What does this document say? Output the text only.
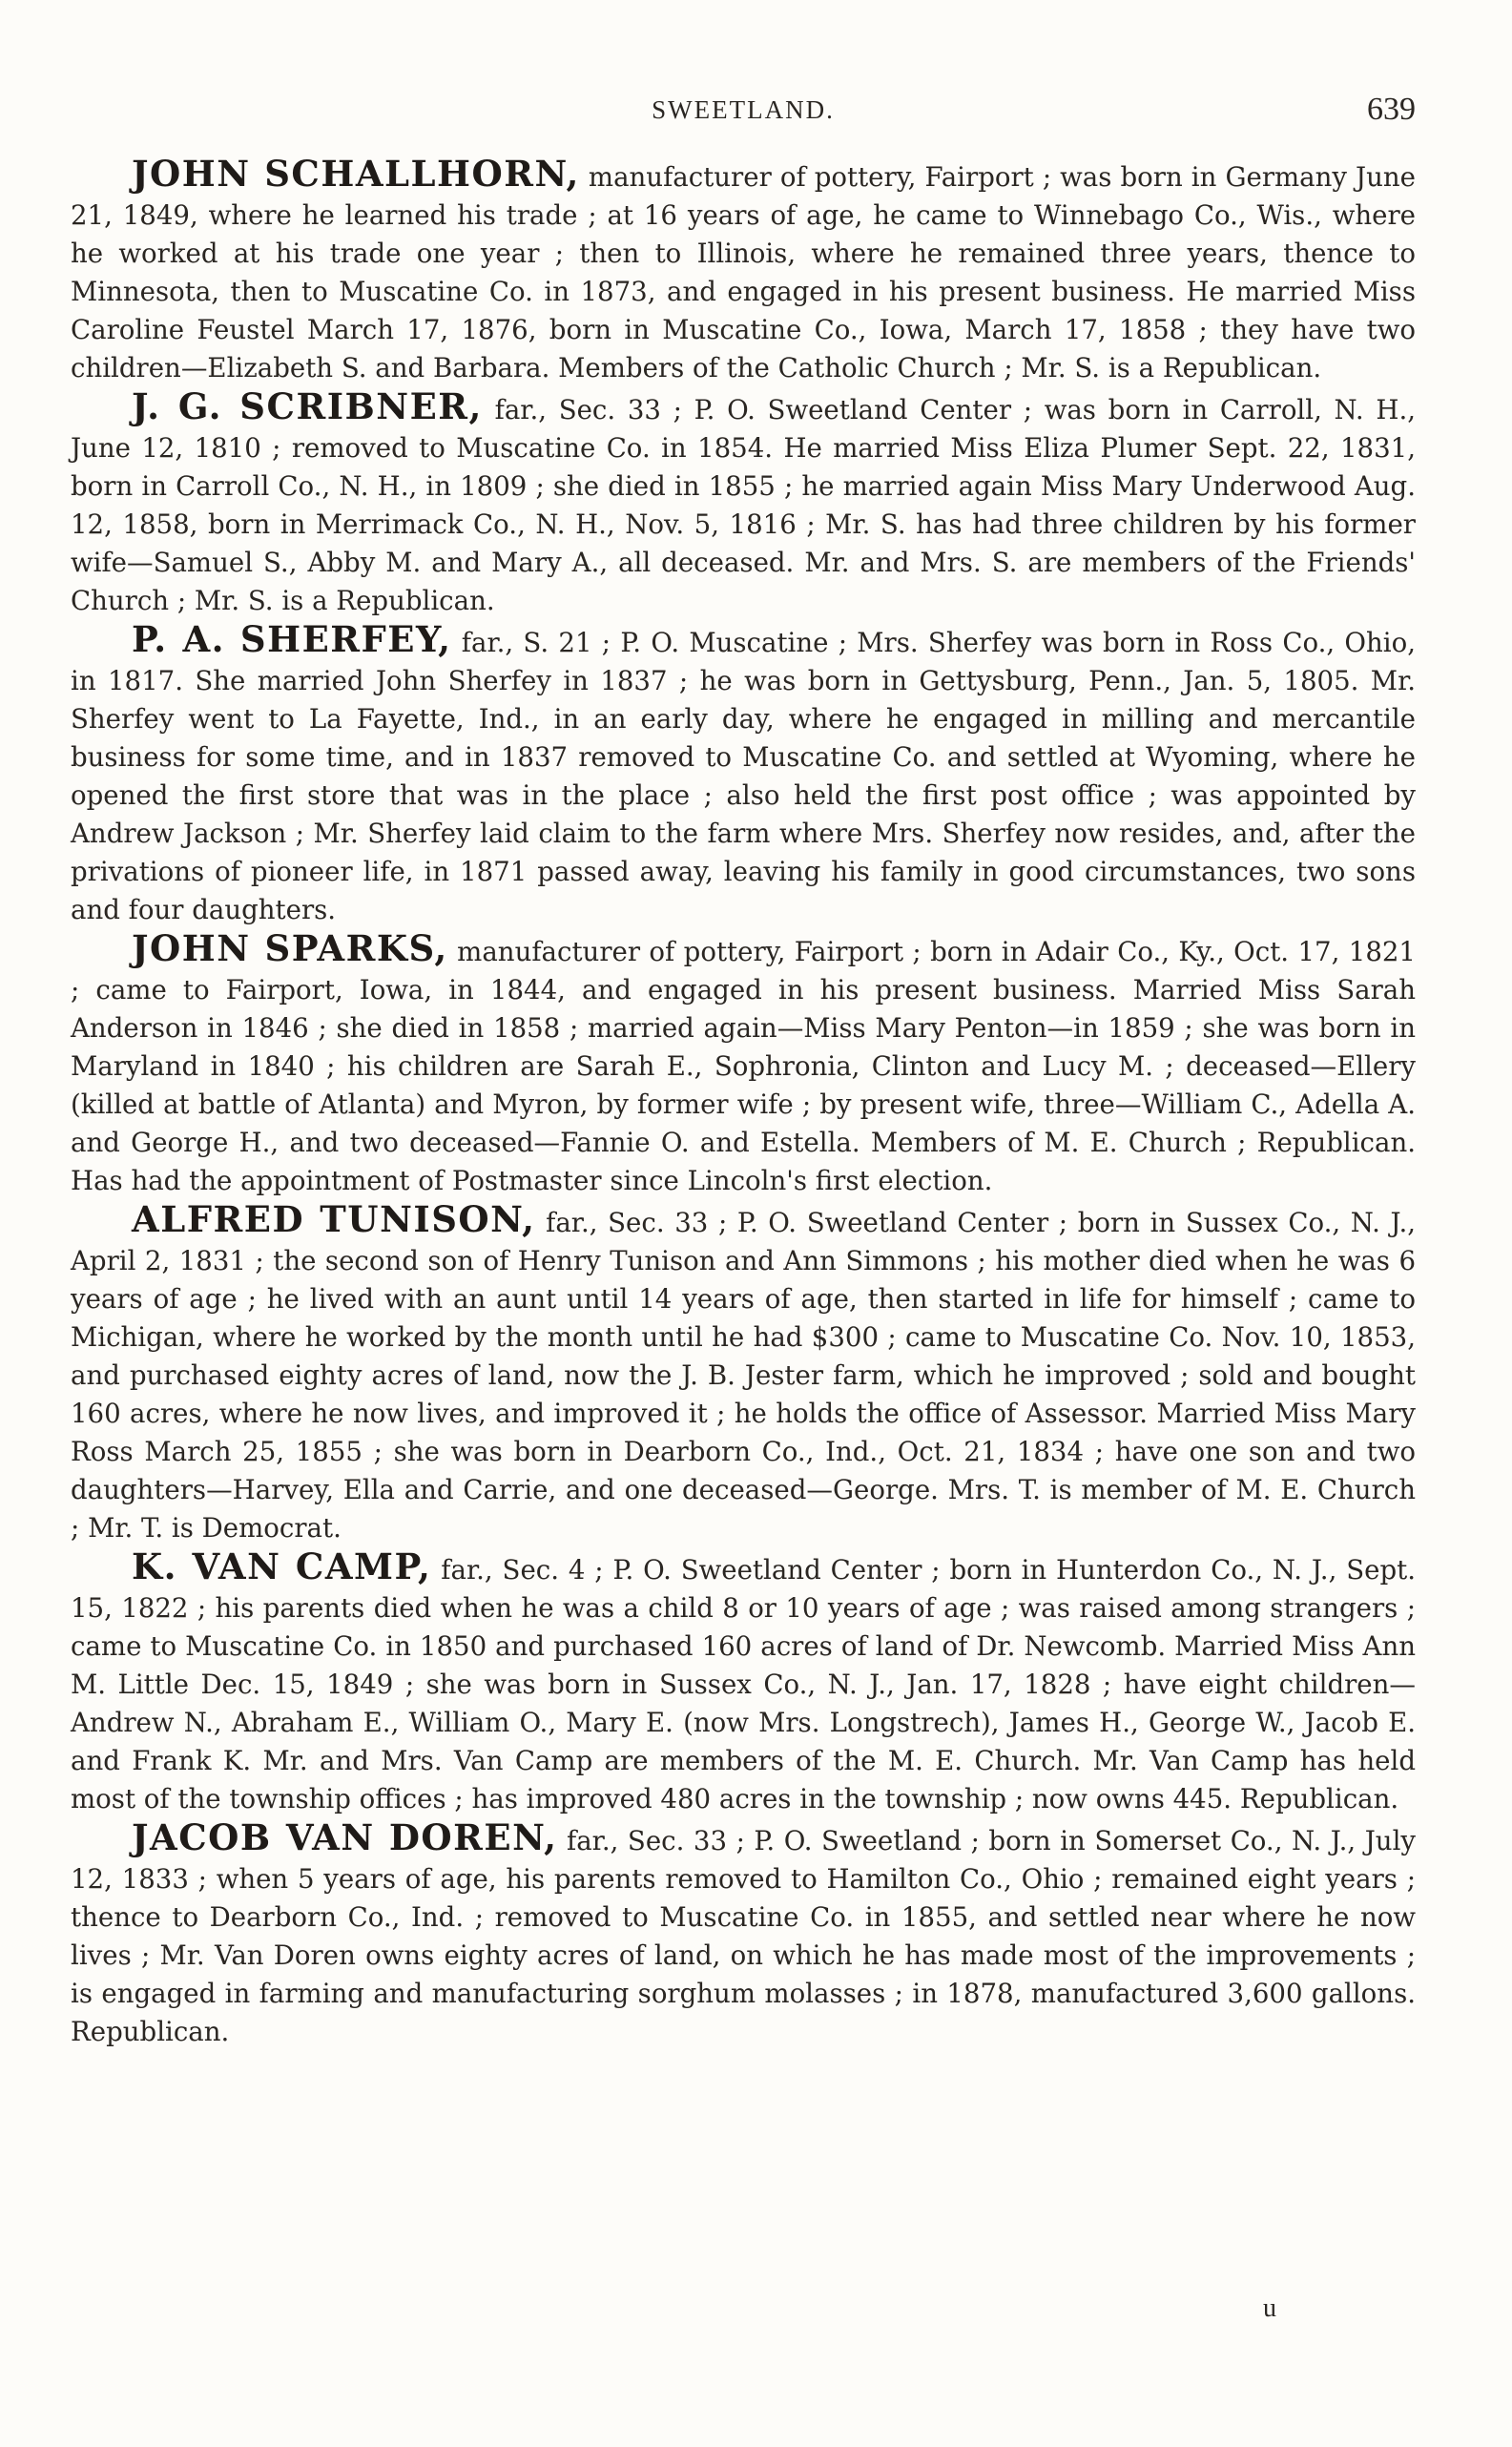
SWEETLAND.	639

JOHN SCHALLHORN, manufacturer of pottery, Fairport ; was born in Germany June 21, 1849, where he learned his trade ; at 16 years of age, he came to Winnebago Co., Wis., where he worked at his trade one year ; then to Illinois, where he remained three years, thence to Minnesota, then to Muscatine Co. in 1873, and engaged in his present business. He married Miss Caroline Feustel March 17, 1876, born in Muscatine Co., Iowa, March 17, 1858 ; they have two children—Elizabeth S. and Barbara. Members of the Catholic Church ; Mr. S. is a Republican.

J. G. SCRIBNER, far., Sec. 33 ; P. O. Sweetland Center ; was born in Carroll, N. H., June 12, 1810 ; removed to Muscatine Co. in 1854. He married Miss Eliza Plumer Sept. 22, 1831, born in Carroll Co., N. H., in 1809 ; she died in 1855 ; he married again Miss Mary Underwood Aug. 12, 1858, born in Merrimack Co., N. H., Nov. 5, 1816 ; Mr. S. has had three children by his former wife—Samuel S., Abby M. and Mary A., all deceased. Mr. and Mrs. S. are members of the Friends' Church ; Mr. S. is a Republican.

P. A. SHERFEY, far., S. 21 ; P. O. Muscatine ; Mrs. Sherfey was born in Ross Co., Ohio, in 1817. She married John Sherfey in 1837 ; he was born in Gettysburg, Penn., Jan. 5, 1805. Mr. Sherfey went to La Fayette, Ind., in an early day, where he engaged in milling and mercantile business for some time, and in 1837 removed to Muscatine Co. and settled at Wyoming, where he opened the first store that was in the place ; also held the first post office ; was appointed by Andrew Jackson ; Mr. Sherfey laid claim to the farm where Mrs. Sherfey now resides, and, after the privations of pioneer life, in 1871 passed away, leaving his family in good circumstances, two sons and four daughters.

JOHN SPARKS, manufacturer of pottery, Fairport ; born in Adair Co., Ky., Oct. 17, 1821 ; came to Fairport, Iowa, in 1844, and engaged in his present business. Married Miss Sarah Anderson in 1846 ; she died in 1858 ; married again—Miss Mary Penton—in 1859 ; she was born in Maryland in 1840 ; his children are Sarah E., Sophronia, Clinton and Lucy M. ; deceased—Ellery (killed at battle of Atlanta) and Myron, by former wife ; by present wife, three—William C., Adella A. and George H., and two deceased—Fannie O. and Estella. Members of M. E. Church ; Republican. Has had the appointment of Postmaster since Lincoln's first election.

ALFRED TUNISON, far., Sec. 33 ; P. O. Sweetland Center ; born in Sussex Co., N. J., April 2, 1831 ; the second son of Henry Tunison and Ann Simmons ; his mother died when he was 6 years of age ; he lived with an aunt until 14 years of age, then started in life for himself ; came to Michigan, where he worked by the month until he had $300 ; came to Muscatine Co. Nov. 10, 1853, and purchased eighty acres of land, now the J. B. Jester farm, which he improved ; sold and bought 160 acres, where he now lives, and improved it ; he holds the office of Assessor. Married Miss Mary Ross March 25, 1855 ; she was born in Dearborn Co., Ind., Oct. 21, 1834 ; have one son and two daughters—Harvey, Ella and Carrie, and one deceased—George. Mrs. T. is member of M. E. Church ; Mr. T. is Democrat.

K. VAN CAMP, far., Sec. 4 ; P. O. Sweetland Center ; born in Hunterdon Co., N. J., Sept. 15, 1822 ; his parents died when he was a child 8 or 10 years of age ; was raised among strangers ; came to Muscatine Co. in 1850 and purchased 160 acres of land of Dr. Newcomb. Married Miss Ann M. Little Dec. 15, 1849 ; she was born in Sussex Co., N. J., Jan. 17, 1828 ; have eight children—Andrew N., Abraham E., William O., Mary E. (now Mrs. Longstrech), James H., George W., Jacob E. and Frank K. Mr. and Mrs. Van Camp are members of the M. E. Church. Mr. Van Camp has held most of the township offices ; has improved 480 acres in the township ; now owns 445. Republican.

JACOB VAN DOREN, far., Sec. 33 ; P. O. Sweetland ; born in Somerset Co., N. J., July 12, 1833 ; when 5 years of age, his parents removed to Hamilton Co., Ohio ; remained eight years ; thence to Dearborn Co., Ind. ; removed to Muscatine Co. in 1855, and settled near where he now lives ; Mr. Van Doren owns eighty acres of land, on which he has made most of the improvements ; is engaged in farming and manufacturing sorghum molasses ; in 1878, manufactured 3,600 gallons. Republican.

u
